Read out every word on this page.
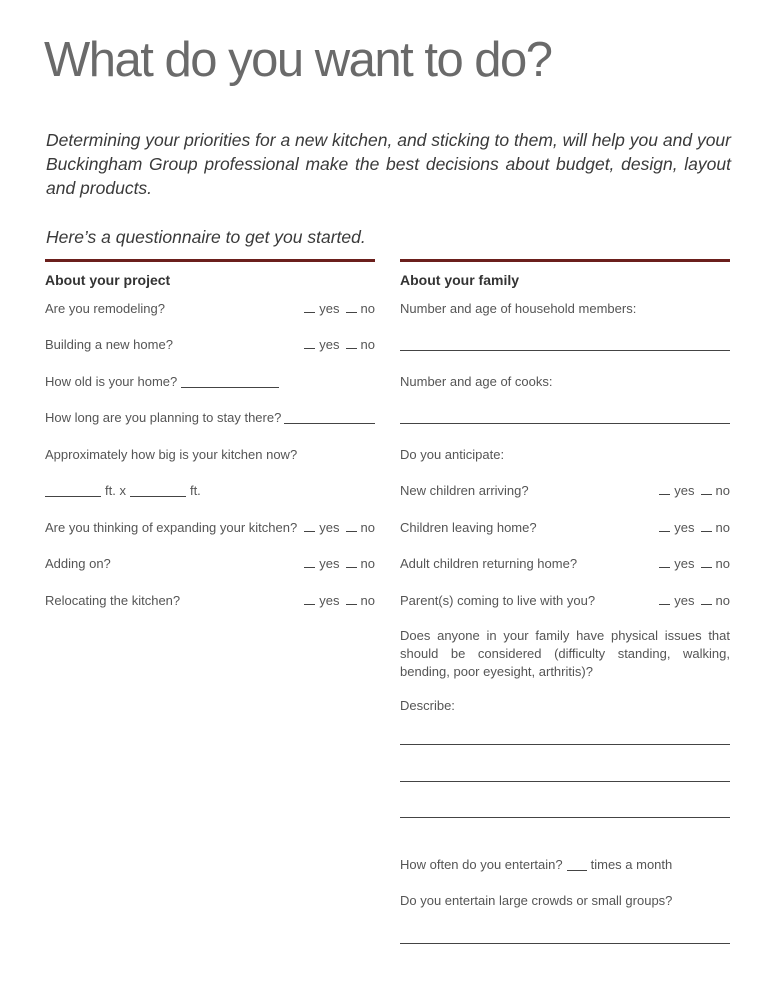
What do you want to do?

Determining your priorities for a new kitchen, and sticking to them, will help you and your Buckingham Group professional make the best decisions about budget, design, layout and products.

Here’s a questionnaire to get you started.

About your project
Are you remodeling?	yes no
Building a new home?	yes no
How old is your home?
How long are you planning to stay there?
Approximately how big is your kitchen now?
ft. x	ft.
Are you thinking of expanding your kitchen?	yes no
Adding on?	yes no
Relocating the kitchen?	yes no
About your family
Number and age of household members:
Number and age of cooks:
Do you anticipate:
New children arriving?	yes no
Children leaving home?	yes no
Adult children returning home?	yes no
Parent(s) coming to live with you?	yes no
Does anyone in your family have physical issues that should be considered (difficulty standing, walking, bending, poor eyesight, arthritis)?
Describe:
How often do you entertain? times a month
Do you entertain large crowds or small groups?
